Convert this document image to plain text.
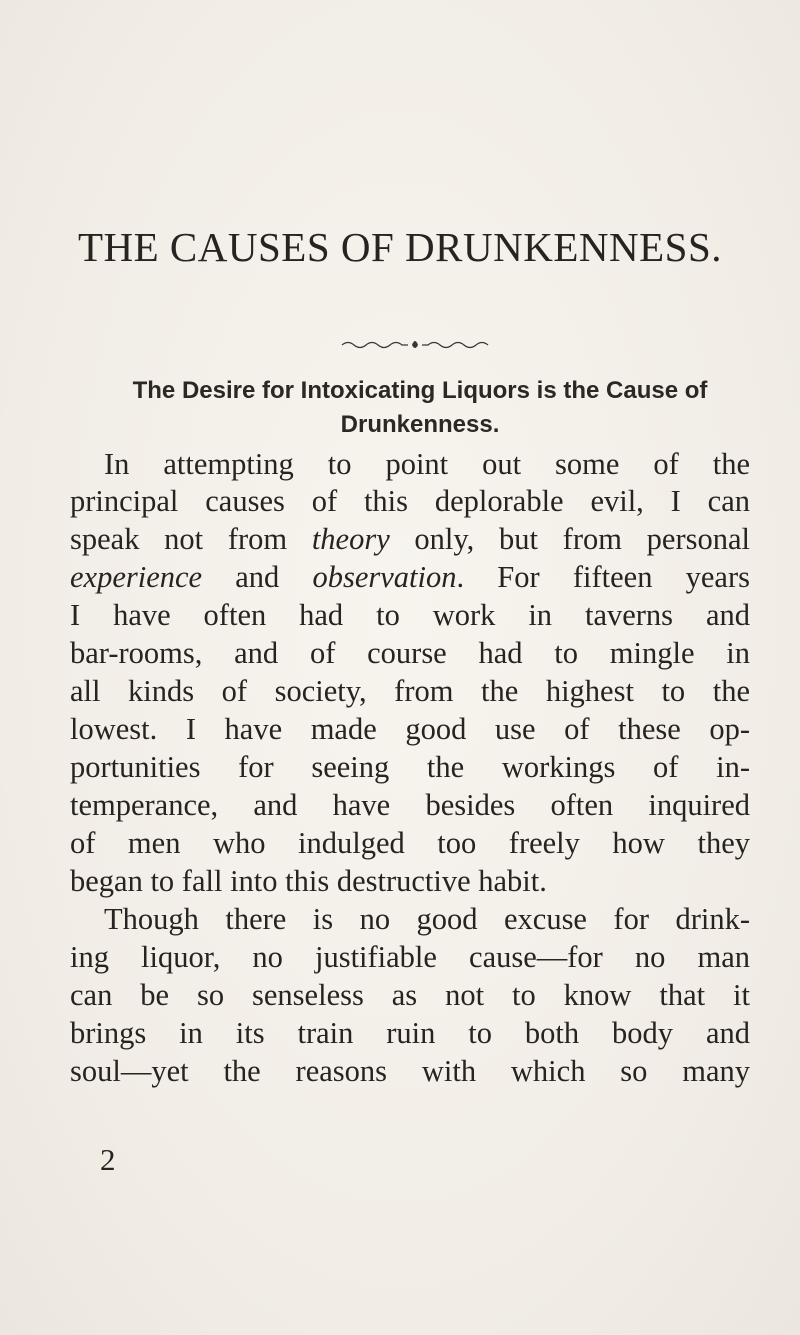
THE CAUSES OF DRUNKENNESS.

The Desire for Intoxicating Liquors is the Cause of
Drunkenness.

In attempting to point out some of the

principal causes of this deplorable evil, I can

speak not from theory only, but from personal

experience and observation. For fifteen years

I have often had to work in taverns and

bar-rooms, and of course had to mingle in

all kinds of society, from the highest to the

lowest. I have made good use of these op-

portunities for seeing the workings of in-

temperance, and have besides often inquired

of men who indulged too freely how they

began to fall into this destructive habit.

Though there is no good excuse for drink-

ing liquor, no justifiable cause—for no man

can be so senseless as not to know that it

brings in its train ruin to both body and

soul—yet the reasons with which so many

2
